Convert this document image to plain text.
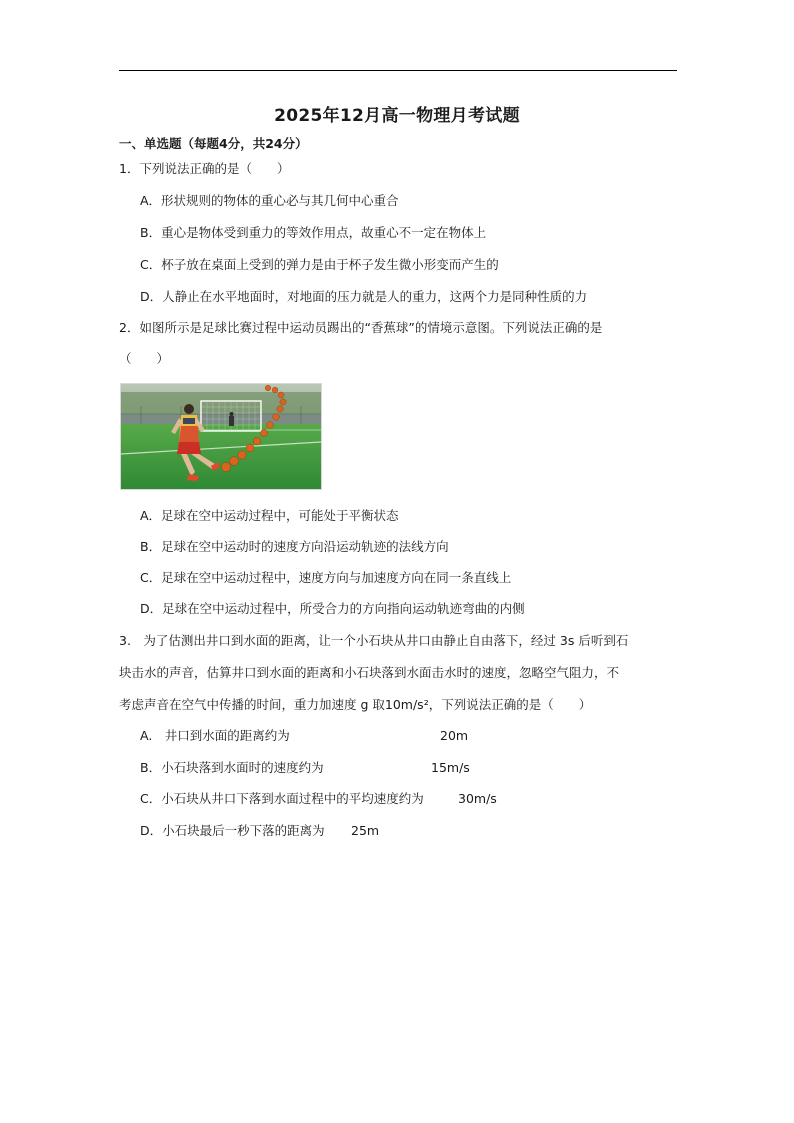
2025年12月高一物理月考试题
一、单选题（每题4分，共24分）
1．下列说法正确的是（　　）
A．形状规则的物体的重心必与其几何中心重合
B．重心是物体受到重力的等效作用点，故重心不一定在物体上
C．杯子放在桌面上受到的弹力是由于杯子发生微小形变而产生的
D．人静止在水平地面时，对地面的压力就是人的重力，这两个力是同种性质的力
2．如图所示是足球比赛过程中运动员踢出的“香蕉球”的情境示意图。下列说法正确的是
（　　）
A．足球在空中运动过程中，可能处于平衡状态
B．足球在空中运动时的速度方向沿运动轨迹的法线方向
C．足球在空中运动过程中，速度方向与加速度方向在同一条直线上
D．足球在空中运动过程中，所受合力的方向指向运动轨迹弯曲的内侧
3.　为了估测出井口到水面的距离，让一个小石块从井口由静止自由落下，经过 3s 后听到石
块击水的声音，估算井口到水面的距离和小石块落到水面击水时的速度，忽略空气阻力，不
考虑声音在空气中传播的时间，重力加速度 g 取10m/s²，下列说法正确的是（　　）
A.　井口到水面的距离约为	20m
B．小石块落到水面时的速度约为	15m/s
C．小石块从井口下落到水面过程中的平均速度约为	30m/s
D．小石块最后一秒下落的距离为 25m
